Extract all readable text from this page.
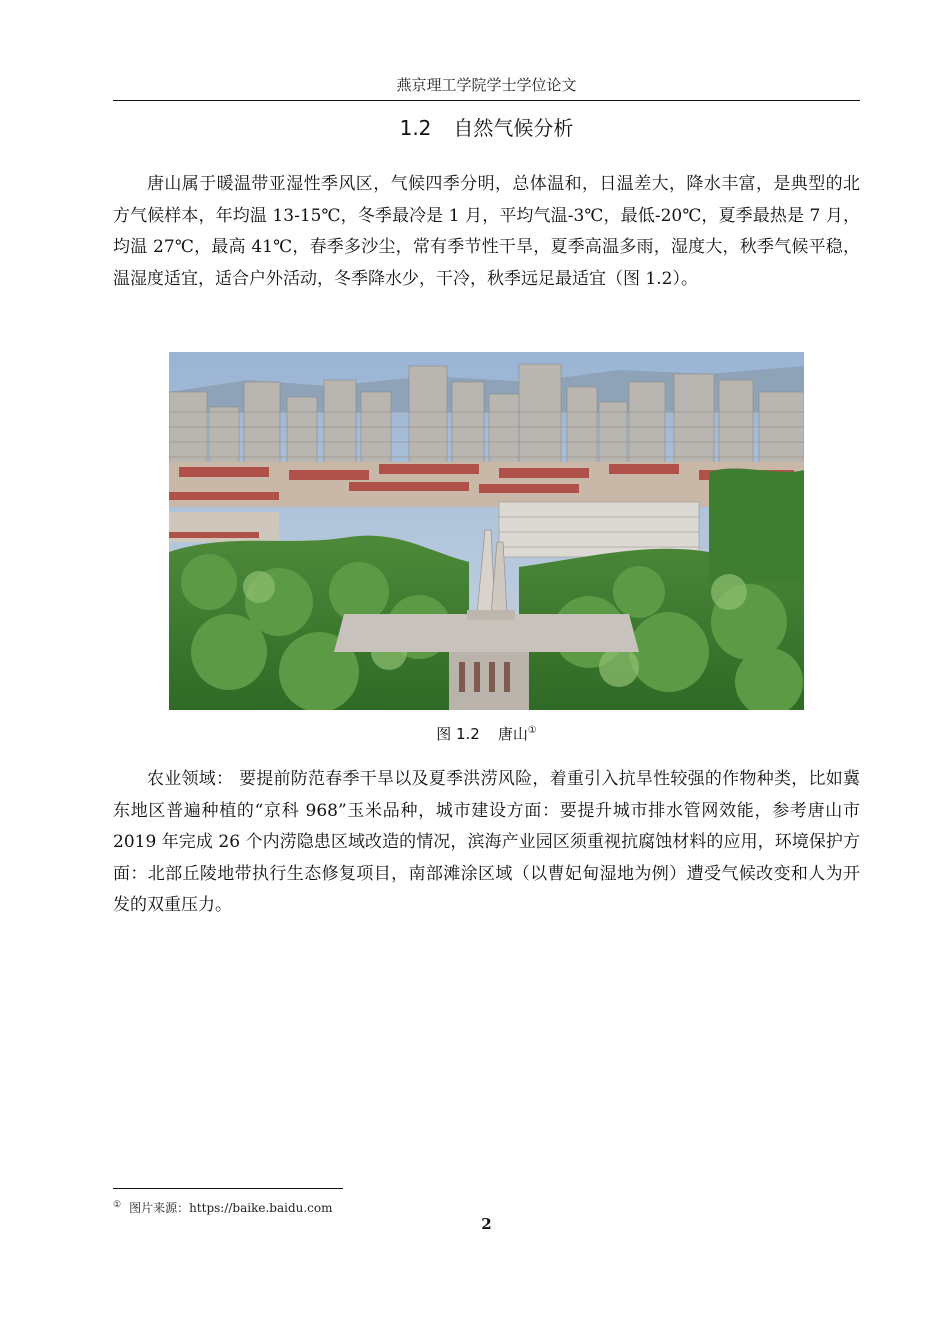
燕京理工学院学士学位论文
1.2 自然气候分析

唐山属于暖温带亚湿性季风区，气候四季分明，总体温和，日温差大，降水丰富，是典型的北方气候样本，年均温 13-15℃，冬季最冷是 1 月，平均气温-3℃，最低-20℃，夏季最热是 7 月，均温 27℃，最高 41℃，春季多沙尘，常有季节性干旱，夏季高温多雨，湿度大，秋季气候平稳，温湿度适宜，适合户外活动，冬季降水少，干冷，秋季远足最适宜（图 1.2）。

图 1.2 唐山①

农业领域： 要提前防范春季干旱以及夏季洪涝风险，着重引入抗旱性较强的作物种类，比如冀东地区普遍种植的“京科 968”玉米品种，城市建设方面：要提升城市排水管网效能，参考唐山市 2019 年完成 26 个内涝隐患区域改造的情况，滨海产业园区须重视抗腐蚀材料的应用，环境保护方面：北部丘陵地带执行生态修复项目，南部滩涂区域（以曹妃甸湿地为例）遭受气候改变和人为开发的双重压力。

① 图片来源：https://baike.baidu.com
2
